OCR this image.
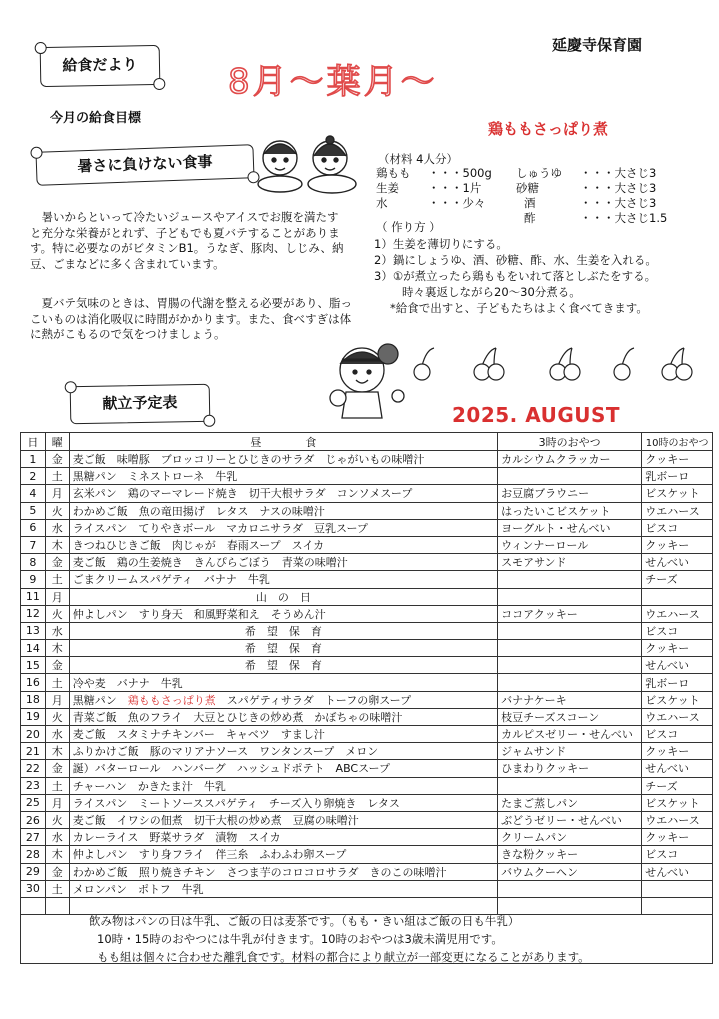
給食だより	8月～葉月～
延慶寺保育園
今月の給食目標
暑さに負けない食事
暑いからといって冷たいジュースやアイスでお腹を満たすと充分な栄養がとれず、子どもでも夏バテすることがあります。特に必要なのがビタミンB1。うなぎ、豚肉、しじみ、納豆、ごまなどに多く含まれています。
夏バテ気味のときは、胃腸の代謝を整える必要があり、脂っこいものは消化吸収に時間がかかります。また、食べすぎは体に熱がこもるので気をつけましょう。
鶏ももさっぱり煮
（材料 4人分）
鶏もも ・・・500g
生姜	・・・1片
水	・・・少々
しゅうゆ ・・・大さじ3
砂糖	・・・大さじ3
酒	・・・大さじ3
酢	・・・大さじ1.5
（ 作り方 ）
1）生姜を薄切りにする。
2）鍋にしょうゆ、酒、砂糖、酢、水、生姜を入れる。
3）①が煮立ったら鶏ももをいれて落としぶたをする。
時々裏返しながら20～30分煮る。
*給食で出すと、子どもたちはよく食べてきます。
献立予定表	2025. AUGUST
日	曜	昼　　　　食	3時のおやつ	10時のおやつ
1	金	麦ご飯　味噌豚　ブロッコリーとひじきのサラダ　じゃがいもの味噌汁	カルシウムクラッカー	クッキー
2	土	黒糖パン　ミネストローネ　牛乳		乳ボーロ
4	月	玄米パン　鶏のマーマレード焼き　切干大根サラダ　コンソメスープ	お豆腐ブラウニー	ビスケット
5	火	わかめご飯　魚の竜田揚げ　レタス　ナスの味噌汁	はったいこビスケット	ウエハース
6	水	ライスパン　てりやきボール　マカロニサラダ　豆乳スープ	ヨーグルト・せんべい	ビスコ
7	木	きつねひじきご飯　肉じゃが　春雨スープ　スイカ	ウィンナーロール	クッキー
8	金	麦ご飯　鶏の生姜焼き　きんぴらごぼう　青菜の味噌汁	スモアサンド	せんべい
9	土	ごまクリームスパゲティ　バナナ　牛乳		チーズ
11	月	山　の　日		
12	火	仲よしパン　すり身天　和風野菜和え　そうめん汁	ココアクッキー	ウエハース
13	水	希　望　保　育		ビスコ
14	木	希　望　保　育		クッキー
15	金	希　望　保　育		せんべい
16	土	冷や麦　バナナ　牛乳		乳ボーロ
18	月	黒糖パン　鶏ももさっぱり煮　スパゲティサラダ　トーフの卵スープ	バナナケーキ	ビスケット
19	火	青菜ご飯　魚のフライ　大豆とひじきの炒め煮　かぼちゃの味噌汁	枝豆チーズスコーン	ウエハース
20	水	麦ご飯　スタミナチキンバー　キャベツ　すまし汁	カルピスゼリー・せんべい	ビスコ
21	木	ふりかけご飯　豚のマリアナソース　ワンタンスープ　メロン	ジャムサンド	クッキー
22	金	誕）バターロール　ハンバーグ　ハッシュドポテト　ABCスープ	ひまわりクッキー	せんべい
23	土	チャーハン　かきたま汁　牛乳		チーズ
25	月	ライスパン　ミートソーススパゲティ　チーズ入り卵焼き　レタス	たまご蒸しパン	ビスケット
26	火	麦ご飯　イワシの佃煮　切干大根の炒め煮　豆腐の味噌汁	ぶどうゼリー・せんべい	ウエハース
27	水	カレーライス　野菜サラダ　漬物　スイカ	クリームパン	クッキー
28	木	仲よしパン　すり身フライ　伴三糸　ふわふわ卵スープ	きな粉クッキー	ビスコ
29	金	わかめご飯　照り焼きチキン　さつま芋のコロコロサラダ　きのこの味噌汁	バウムクーヘン	せんべい
30	土	メロンパン　ポトフ　牛乳		

飲み物はパンの日は牛乳、ご飯の日は麦茶です。（もも・きい組はご飯の日も牛乳）
10時・15時のおやつには牛乳が付きます。10時のおやつは3歳未満児用です。
もも組は個々に合わせた離乳食です。材料の都合により献立が一部変更になることがあります。
